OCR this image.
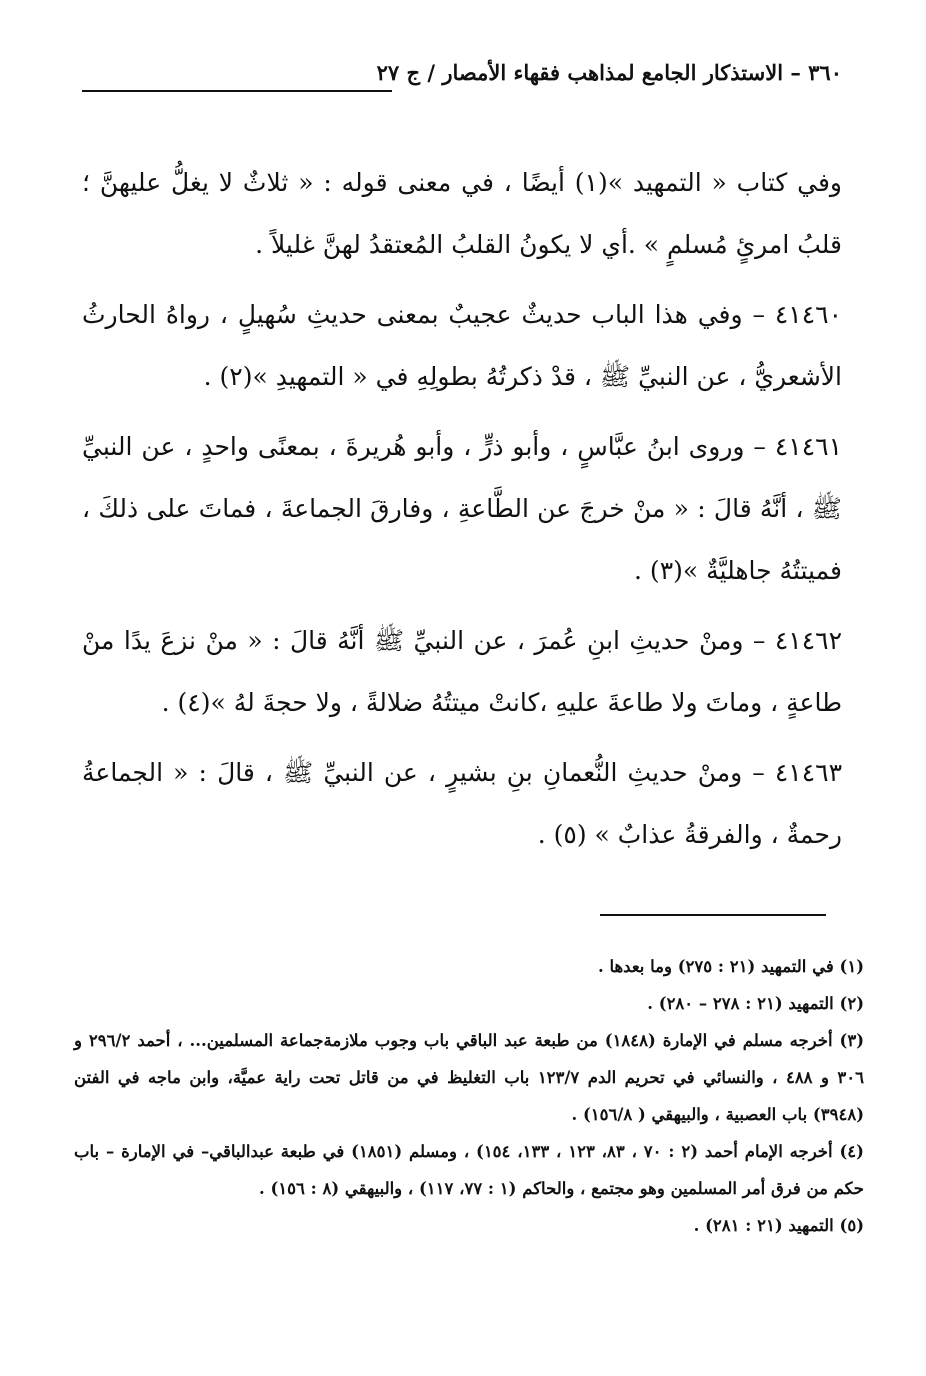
٣٦٠ – الاستذكار الجامع لمذاهب فقهاء الأمصار / ج ٢٧

وفي كتاب « التمهيد »(١) أيضًا ، في معنى قوله : « ثلاثٌ لا يغلُّ عليهنَّ ؛ قلبُ امرئٍ مُسلمٍ » .أي لا يكونُ القلبُ المُعتقدُ لهنَّ غليلاً .

٤١٤٦٠ – وفي هذا الباب حديثٌ عجيبٌ بمعنى حديثِ سُهيلٍ ، رواهُ الحارثُ الأشعريُّ ، عن النبيِّ ﷺ ، قدْ ذكرتُهُ بطولِهِ في « التمهيدِ »(٢) .

٤١٤٦١ – وروى ابنُ عبَّاسٍ ، وأبو ذرٍّ ، وأبو هُريرةَ ، بمعنًى واحدٍ ، عن النبيِّ ﷺ ، أنَّهُ قالَ : « منْ خرجَ عن الطَّاعةِ ، وفارقَ الجماعةَ ، فماتَ على ذلكَ ، فميتتُهُ جاهليَّةٌ »(٣) .

٤١٤٦٢ – ومنْ حديثِ ابنِ عُمرَ ، عن النبيِّ ﷺ أنَّهُ قالَ : « منْ نزعَ يدًا منْ طاعةٍ ، وماتَ ولا طاعةَ عليهِ ،كانتْ ميتتُهُ ضلالةً ، ولا حجةَ لهُ »(٤) .

٤١٤٦٣ – ومنْ حديثِ النُّعمانِ بنِ بشيرٍ ، عن النبيِّ ﷺ ، قالَ : « الجماعةُ رحمةٌ ، والفرقةُ عذابٌ » (٥) .

(١) في التمهيد (٢١ : ٢٧٥) وما بعدها .

(٢) التمهيد (٢١ : ٢٧٨ – ٢٨٠) .

(٣) أخرجه مسلم في الإمارة (١٨٤٨) من طبعة عبد الباقي باب وجوب ملازمةجماعة المسلمين... ، أحمد ٢٩٦/٢ و ٣٠٦ و ٤٨٨ ، والنسائي في تحريم الدم ١٢٣/٧ باب التغليظ في من قاتل تحت راية عميَّة، وابن ماجه في الفتن (٣٩٤٨) باب العصبية ، والبيهقي ( ١٥٦/٨) .

(٤) أخرجه الإمام أحمد (٢ : ٧٠ ، ٨٣، ١٢٣ ، ١٣٣، ١٥٤) ، ومسلم (١٨٥١) في طبعة عبدالباقي– في الإمارة – باب حكم من فرق أمر المسلمين وهو مجتمع ، والحاكم (١ : ٧٧، ١١٧) ، والبيهقي (٨ : ١٥٦) .

(٥) التمهيد (٢١ : ٢٨١) .
